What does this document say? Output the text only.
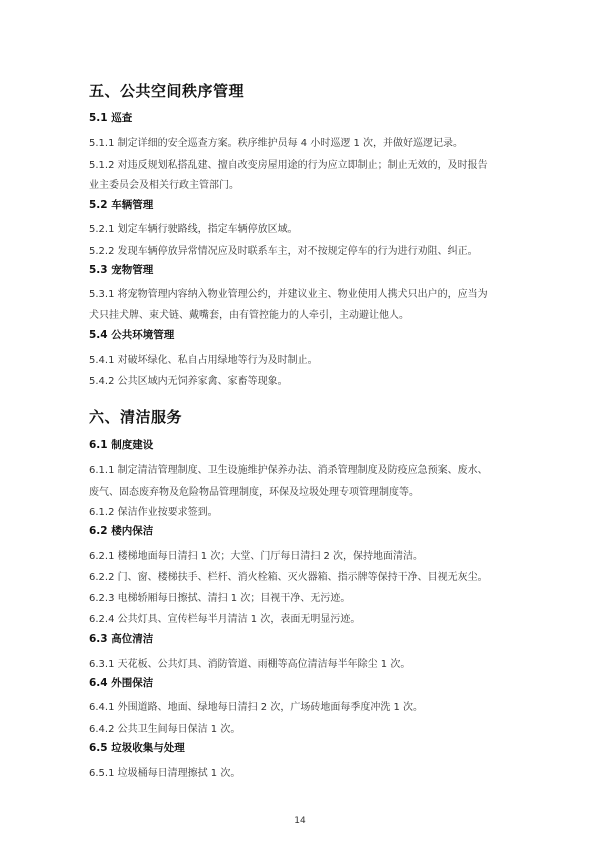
五、公共空间秩序管理
5.1 巡查
5.1.1 制定详细的安全巡查方案。秩序维护员每 4 小时巡逻 1 次，并做好巡逻记录。
5.1.2 对违反规划私搭乱建、擅自改变房屋用途的行为应立即制止；制止无效的，及时报告
业主委员会及相关行政主管部门。
5.2 车辆管理
5.2.1 划定车辆行驶路线，指定车辆停放区域。
5.2.2 发现车辆停放异常情况应及时联系车主，对不按规定停车的行为进行劝阻、纠正。
5.3 宠物管理
5.3.1 将宠物管理内容纳入物业管理公约，并建议业主、物业使用人携犬只出户的，应当为
犬只挂犬牌、束犬链、戴嘴套，由有管控能力的人牵引，主动避让他人。
5.4 公共环境管理
5.4.1 对破坏绿化、私自占用绿地等行为及时制止。
5.4.2 公共区域内无饲养家禽、家畜等现象。
六、清洁服务
6.1 制度建设
6.1.1 制定清洁管理制度、卫生设施维护保养办法、消杀管理制度及防疫应急预案、废水、
废气、固态废弃物及危险物品管理制度，环保及垃圾处理专项管理制度等。
6.1.2 保洁作业按要求签到。
6.2 楼内保洁
6.2.1 楼梯地面每日清扫 1 次；大堂、门厅每日清扫 2 次，保持地面清洁。
6.2.2 门、窗、楼梯扶手、栏杆、消火栓箱、灭火器箱、指示牌等保持干净、目视无灰尘。
6.2.3 电梯轿厢每日擦拭、清扫 1 次；目视干净、无污迹。
6.2.4 公共灯具、宣传栏每半月清洁 1 次，表面无明显污迹。
6.3 高位清洁
6.3.1 天花板、公共灯具、消防管道、雨棚等高位清洁每半年除尘 1 次。
6.4 外围保洁
6.4.1 外围道路、地面、绿地每日清扫 2 次，广场砖地面每季度冲洗 1 次。
6.4.2 公共卫生间每日保洁 1 次。
6.5 垃圾收集与处理
6.5.1 垃圾桶每日清理擦拭 1 次。
14
